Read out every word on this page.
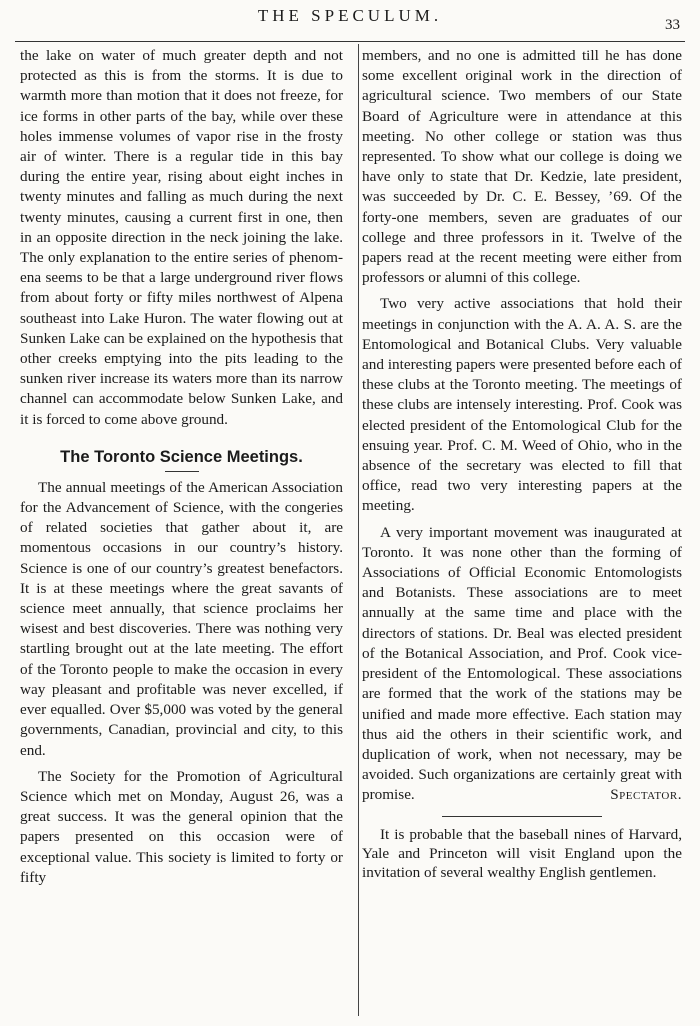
THE SPECULUM.	33

the lake on water of much greater depth and not protected as this is from the storms. It is due to warmth more than motion that it does not freeze, for ice forms in other parts of the bay, while over these holes immense volumes of vapor rise in the frosty air of winter. There is a regular tide in this bay during the entire year, rising about eight inches in twenty minutes and falling as much during the next twenty minutes, causing a current first in one, then in an opposite direction in the neck joining the lake. The only explanation to the entire series of phenomena seems to be that a large underground river flows from about forty or fifty miles northwest of Alpena southeast into Lake Huron. The water flowing out at Sunken Lake can be explained on the hypothesis that other creeks emptying into the pits leading to the sunken river increase its waters more than its narrow channel can accommodate below Sunken Lake, and it is forced to come above ground.

The Toronto Science Meetings.

The annual meetings of the American Association for the Advancement of Science, with the congeries of related societies that gather about it, are momentous occasions in our country’s history. Science is one of our country’s greatest benefactors. It is at these meetings where the great savants of science meet annually, that science proclaims her wisest and best discoveries. There was nothing very startling brought out at the late meeting. The effort of the Toronto people to make the occasion in every way pleasant and profitable was never excelled, if ever equalled. Over $5,000 was voted by the general governments, Canadian, provincial and city, to this end.

The Society for the Promotion of Agricultural Science which met on Monday, August 26, was a great success. It was the general opinion that the papers presented on this occasion were of exceptional value. This society is limited to forty or fifty

members, and no one is admitted till he has done some excellent original work in the direction of agricultural science. Two members of our State Board of Agriculture were in attendance at this meeting. No other college or station was thus represented. To show what our college is doing we have only to state that Dr. Kedzie, late president, was succeeded by Dr. C. E. Bessey, ’69. Of the forty-one members, seven are graduates of our college and three professors in it. Twelve of the papers read at the recent meeting were either from professors or alumni of this college.

Two very active associations that hold their meetings in conjunction with the A. A. A. S. are the Entomological and Botanical Clubs. Very valuable and interesting papers were presented before each of these clubs at the Toronto meeting. The meetings of these clubs are intensely interesting. Prof. Cook was elected president of the Entomological Club for the ensuing year. Prof. C. M. Weed of Ohio, who in the absence of the secretary was elected to fill that office, read two very interesting papers at the meeting.

A very important movement was inaugurated at Toronto. It was none other than the forming of Associations of Official Economic Entomologists and Botanists. These associations are to meet annually at the same time and place with the directors of stations. Dr. Beal was elected president of the Botanical Association, and Prof. Cook vice-president of the Entomological. These associations are formed that the work of the stations may be unified and made more effective. Each station may thus aid the others in their scientific work, and duplication of work, when not necessary, may be avoided. Such organizations are certainly great with promise.	Spectator.

It is probable that the baseball nines of Harvard, Yale and Princeton will visit England upon the invitation of several wealthy English gentlemen.
